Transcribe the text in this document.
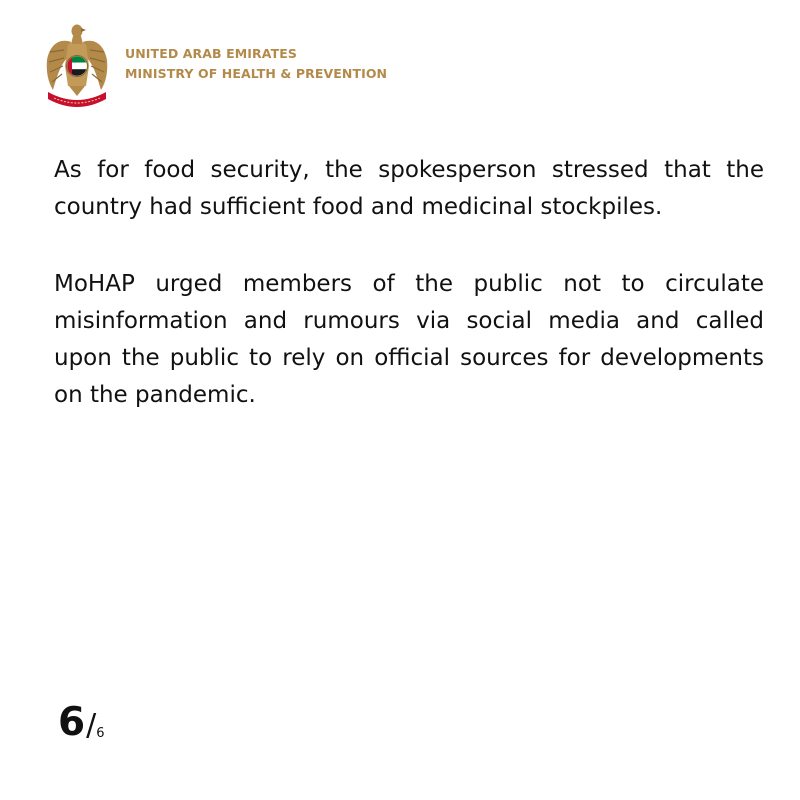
UNITED ARAB EMIRATES
MINISTRY OF HEALTH & PREVENTION

As for food security, the spokesperson stressed that the country had sufficient food and medicinal stockpiles.

MoHAP urged members of the public not to circulate misinformation and rumours via social media and called upon the public to rely on official sources for developments on the pandemic.

6/6
